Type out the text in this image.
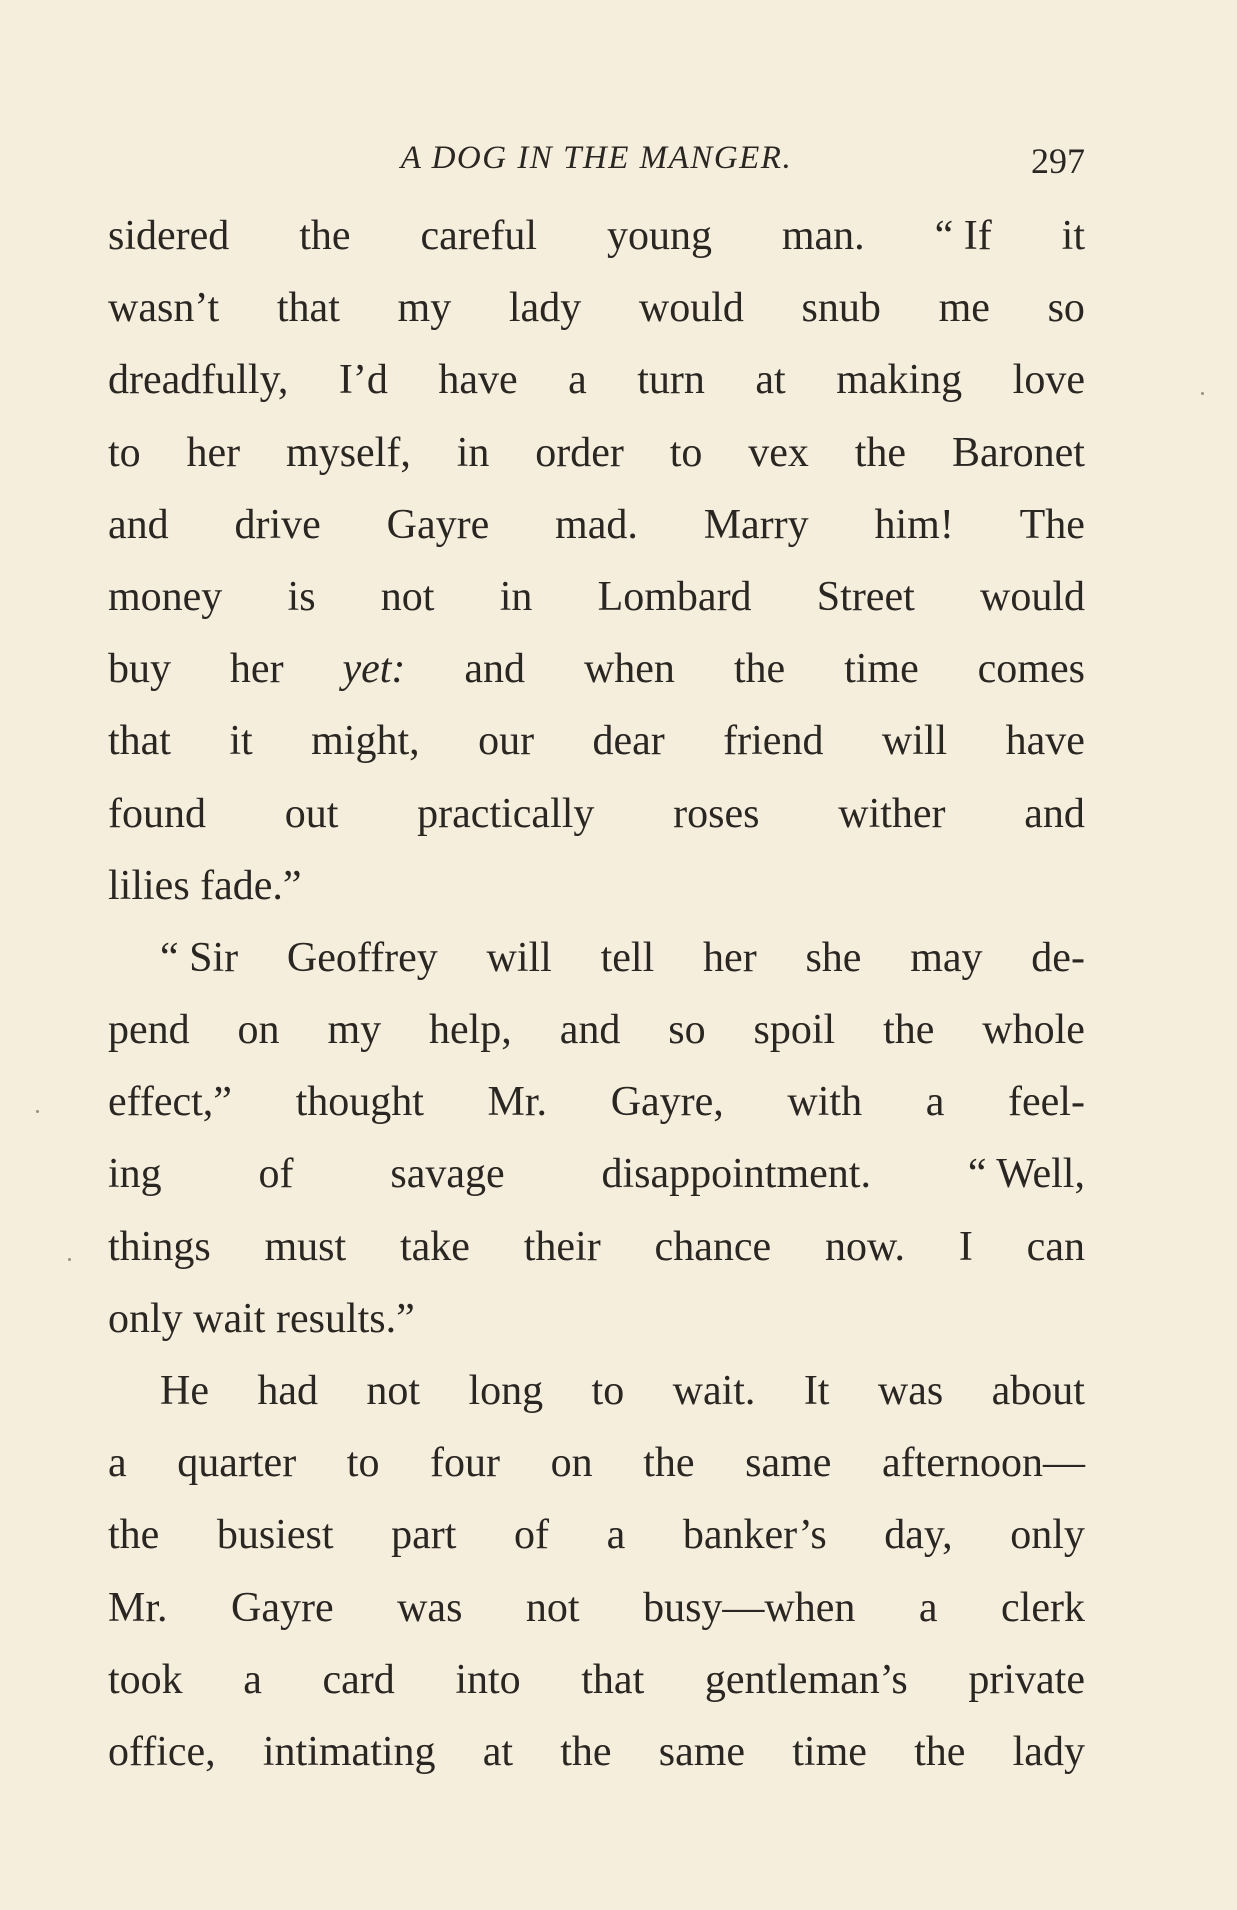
A DOG IN THE MANGER.	297
sidered the careful young man. “ If it
wasn’t that my lady would snub me so
dreadfully, I’d have a turn at making love
to her myself, in order to vex the Baronet
and drive Gayre mad. Marry him! The
money is not in Lombard Street would
buy her yet: and when the time comes
that it might, our dear friend will have
found out practically roses wither and
lilies fade.”
“ Sir Geoffrey will tell her she may de-
pend on my help, and so spoil the whole
effect,” thought Mr. Gayre, with a feel-
ing of savage disappointment. “ Well,
things must take their chance now. I can
only wait results.”
He had not long to wait. It was about
a quarter to four on the same afternoon—
the busiest part of a banker’s day, only
Mr. Gayre was not busy—when a clerk
took a card into that gentleman’s private
office, intimating at the same time the lady
